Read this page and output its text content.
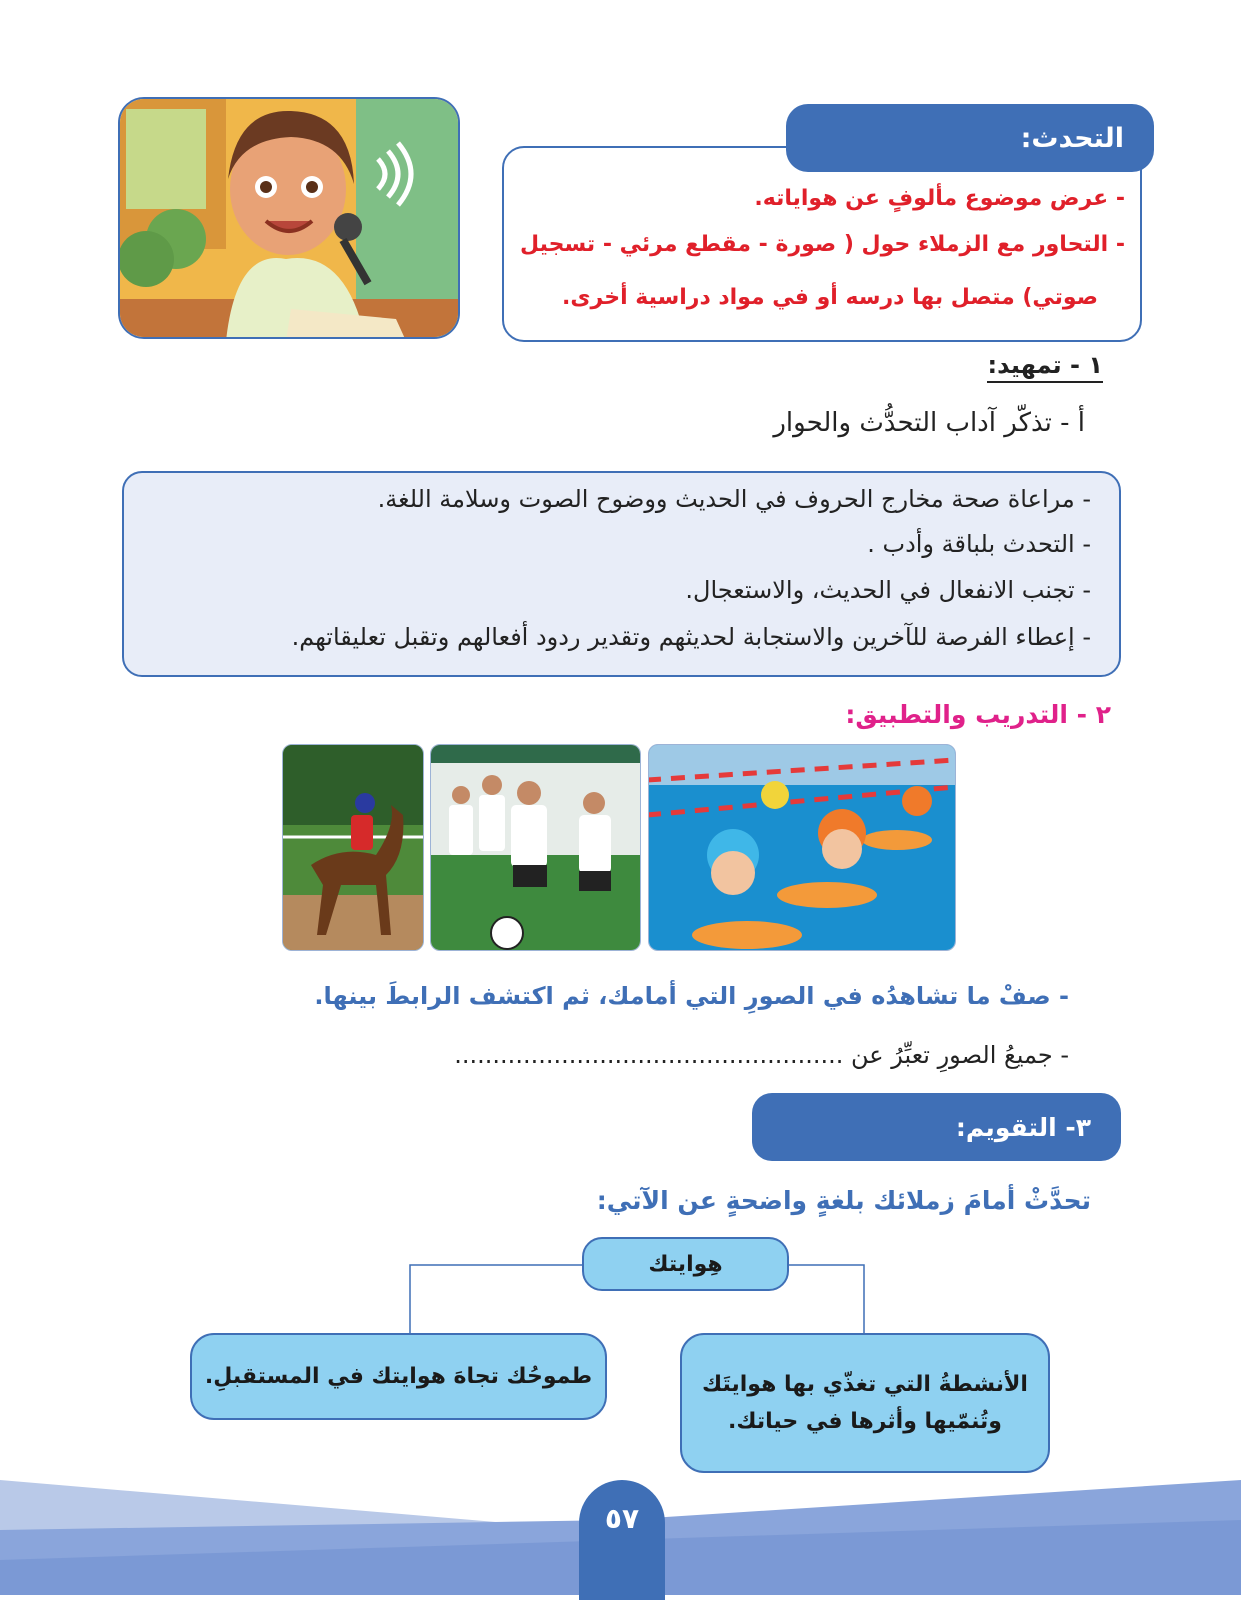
التحدث:
- عرض موضوع مألوفٍ عن هواياته.
- التحاور مع الزملاء حول ( صورة - مقطع مرئي - تسجيل
صوتي) متصل بها درسه أو في مواد دراسية أخرى.
١ - تمهيد:
أ - تذكّر آداب التحدُّث والحوار
- مراعاة صحة مخارج الحروف في الحديث ووضوح الصوت وسلامة اللغة.
- التحدث بلباقة وأدب .
- تجنب الانفعال في الحديث، والاستعجال.
- إعطاء الفرصة للآخرين والاستجابة لحديثهم وتقدير ردود أفعالهم وتقبل تعليقاتهم.
٢ - التدريب والتطبيق:
- صفْ ما تشاهدُه في الصورِ التي أمامك، ثم اكتشف الرابطَ بينها.
- جميعُ الصورِ تعبِّرُ عن ...................................................
٣- التقويم:
تحدَّثْ أمامَ زملائك بلغةٍ واضحةٍ عن الآتي:
هِوايتك
الأنشطةُ التي تغذّي بها هوايتَك
وتُنمّيها وأثرها في حياتك.
طموحُك تجاهَ هوايتك في المستقبلِ.
٥٧
